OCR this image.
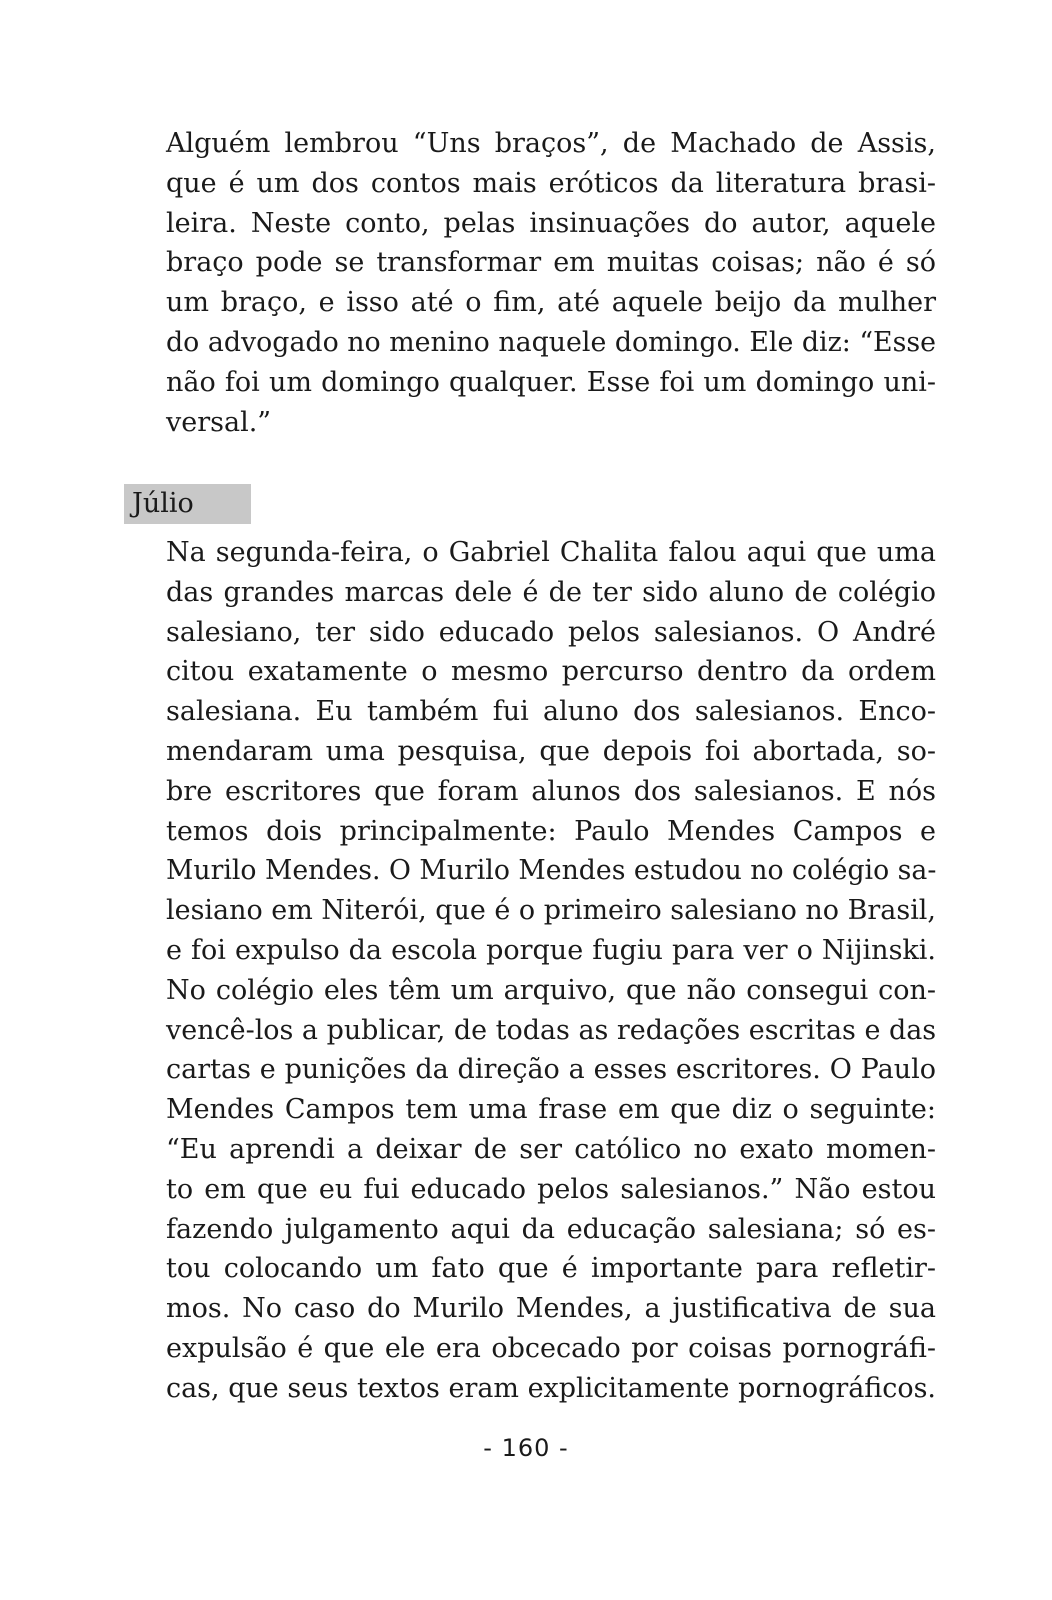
Alguém lembrou “Uns braços”, de Machado de Assis,
que é um dos contos mais eróticos da literatura brasi-
leira. Neste conto, pelas insinuações do autor, aquele
braço pode se transformar em muitas coisas; não é só
um braço, e isso até o fim, até aquele beijo da mulher
do advogado no menino naquele domingo. Ele diz: “Esse
não foi um domingo qualquer. Esse foi um domingo uni-
versal.”
Júlio
Na segunda-feira, o Gabriel Chalita falou aqui que uma
das grandes marcas dele é de ter sido aluno de colégio
salesiano, ter sido educado pelos salesianos. O André
citou exatamente o mesmo percurso dentro da ordem
salesiana. Eu também fui aluno dos salesianos. Enco-
mendaram uma pesquisa, que depois foi abortada, so-
bre escritores que foram alunos dos salesianos. E nós
temos dois principalmente: Paulo Mendes Campos e
Murilo Mendes. O Murilo Mendes estudou no colégio sa-
lesiano em Niterói, que é o primeiro salesiano no Brasil,
e foi expulso da escola porque fugiu para ver o Nijinski.
No colégio eles têm um arquivo, que não consegui con-
vencê-los a publicar, de todas as redações escritas e das
cartas e punições da direção a esses escritores. O Paulo
Mendes Campos tem uma frase em que diz o seguinte:
“Eu aprendi a deixar de ser católico no exato momen-
to em que eu fui educado pelos salesianos.” Não estou
fazendo julgamento aqui da educação salesiana; só es-
tou colocando um fato que é importante para refletir-
mos. No caso do Murilo Mendes, a justificativa de sua
expulsão é que ele era obcecado por coisas pornográfi-
cas, que seus textos eram explicitamente pornográficos.
- 160 -
